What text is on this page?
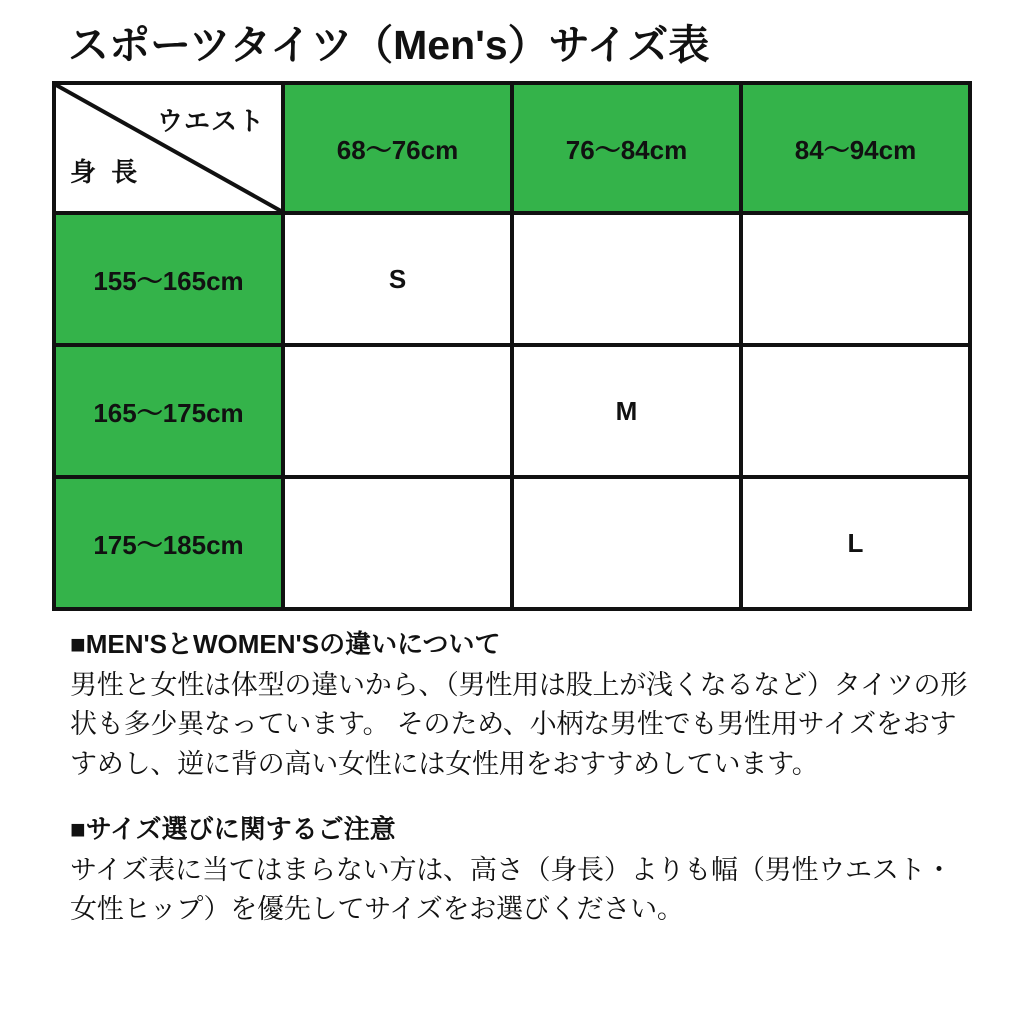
スポーツタイツ（Men's）サイズ表
ウエスト
身 長	68〜76cm	76〜84cm	84〜94cm
155〜165cm	S		
165〜175cm		M	
175〜185cm			L

■MEN'SとWOMEN'Sの違いについて

男性と女性は体型の違いから、（男性用は股上が浅くなるなど）タイツの形状も多少異なっています。 そのため、小柄な男性でも男性用サイズをおすすめし、逆に背の高い女性には女性用をおすすめしています。

■サイズ選びに関するご注意

サイズ表に当てはまらない方は、高さ（身長）よりも幅（男性ウエスト・女性ヒップ）を優先してサイズをお選びください。
